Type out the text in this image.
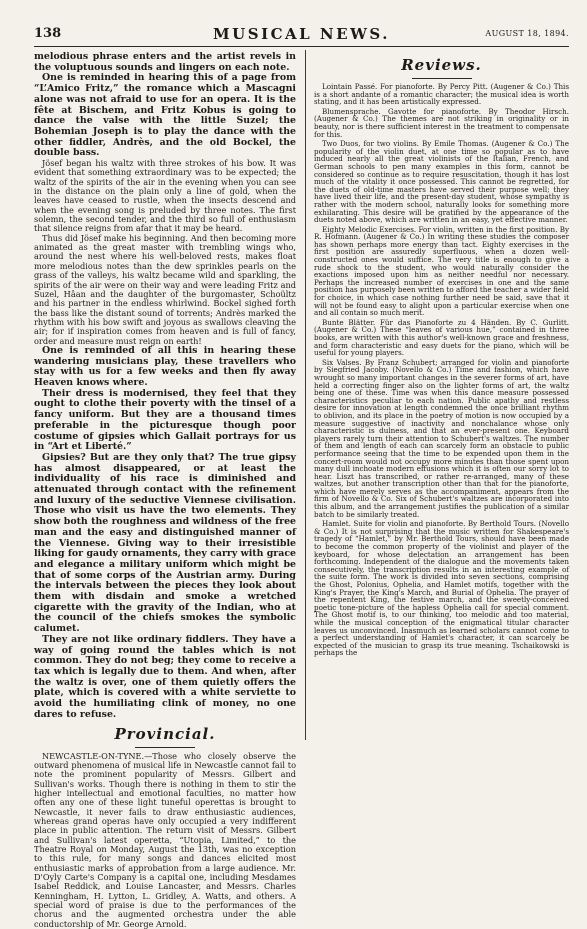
138	MUSICAL NEWS.	AUGUST 18, 1894.

melodious phrase enters and the artist revels in the voluptuous sounds and lingers on each note.

One is reminded in hearing this of a page from “L’Amico Fritz,” the romance which a Mascagni alone was not afraid to use for an opera. It is the fête at Bischem, and Fritz Kobus is going to dance the valse with the little Suzel; the Bohemian Joseph is to play the dance with the other fiddler, Andrès, and the old Bockel, the double bass.

Jösef began his waltz with three strokes of his bow. It was evident that something extraordinary was to be expected; the waltz of the spirits of the air in the evening when you can see in the distance on the plain only a line of gold, when the leaves have ceased to rustle, when the insects descend and when the evening song is preluded by three notes. The first solemn, the second tender, and the third so full of enthusiasm that silence reigns from afar that it may be heard.

Thus did Jösef make his beginning. And then becoming more animated as the great master with trembling wings who, around the nest where his well-beloved rests, makes float more melodious notes than the dew sprinkles pearls on the grass of the valleys, his waltz became wild and sparkling, the spirits of the air were on their way and were leading Fritz and Suzel, Hâan and the daughter of the burgomaster, Schoültz and his partner in the endless whirlwind. Bockel sighed forth the bass like the distant sound of torrents; Andrès marked the rhythm with his bow swift and joyous as swallows cleaving the air; for if inspiration comes from heaven and is full of fancy, order and measure must reign on earth!

One is reminded of all this in hearing these wandering musicians play, these travellers who stay with us for a few weeks and then fly away Heaven knows where.

Their dress is modernised, they feel that they ought to clothe their poverty with the tinsel of a fancy uniform. But they are a thousand times preferable in the picturesque though poor costume of gipsies which Gallait portrays for us in “Art et Liberté.”

Gipsies? But are they only that? The true gipsy has almost disappeared, or at least the individuality of his race is diminished and attenuated through contact with the refinement and luxury of the seductive Viennese civilisation. Those who visit us have the two elements. They show both the roughness and wildness of the free man and the easy and distinguished manner of the Viennese. Giving way to their irresistible liking for gaudy ornaments, they carry with grace and elegance a military uniform which might be that of some corps of the Austrian army. During the intervals between the pieces they look about them with disdain and smoke a wretched cigarette with the gravity of the Indian, who at the council of the chiefs smokes the symbolic calumet.

They are not like ordinary fiddlers. They have a way of going round the tables which is not common. They do not beg; they come to receive a tax which is legally due to them. And when, after the waltz is over, one of them quietly offers the plate, which is covered with a white serviette to avoid the humiliating clink of money, no one dares to refuse.

Provincial.

NEWCASTLE-ON-TYNE.—Those who closely observe the outward phenomena of musical life in Newcastle cannot fail to note the prominent popularity of Messrs. Gilbert and Sullivan's works. Though there is nothing in them to stir the higher intellectual and emotional faculties, no matter how often any one of these light tuneful operettas is brought to Newcastle, it never fails to draw enthusiastic audiences, whereas grand operas have only occupied a very indifferent place in public attention. The return visit of Messrs. Gilbert and Sullivan's latest operetta, “Utopia, Limited,” to the Theatre Royal on Monday, August the 13th, was no exception to this rule, for many songs and dances elicited most enthusiastic marks of approbation from a large audience. Mr. D'Oyly Carte's Company is a capital one, including Mesdames Isabel Reddick, and Louise Lancaster, and Messrs. Charles Kenningham, H. Lytton, L. Gridley, A. Watts, and others. A special word of praise is due to the performances of the chorus and the augmented orchestra under the able conductorship of Mr. George Arnold.

Reviews.

Lointain Passé. For pianoforte. By Percy Pitt. (Augener & Co.) This is a short andante of a romantic character; the musical idea is worth stating, and it has been artistically expressed.

Blumensprache. Gavotte for pianoforte. By Theodor Hirsch. (Augener & Co.) The themes are not striking in originality or in beauty, nor is there sufficient interest in the treatment to compensate for this.

Two Duos, for two violins. By Emile Thomas. (Augener & Co.) The popularity of the violin duet, at one time so popular as to have induced nearly all the great violinists of the Italian, French, and German schools to pen many examples in this form, cannot be considered so continue as to require resuscitation, though it has lost much of the vitality it once possessed. This cannot be regretted, for the duets of old-time masters have served their purpose well; they have lived their life, and the present-day student, whose sympathy is rather with the modern school, naturally looks for something more exhilarating. This desire will be gratified by the appearance of the duets noted above, which are written in an easy, yet effective manner.

Eighty Melodic Exercises. For violin, written in the first position. By R. Hofmann. (Augener & Co.) In writing these studies the composer has shown perhaps more energy than tact. Eighty exercises in the first position are assuredly superfluous, when a dozen well-constructed ones would suffice. The very title is enough to give a rude shock to the student, who would naturally consider the exactions imposed upon him as neither needful nor necessary. Perhaps the increased number of exercises in one and the same position has purposely been written to afford the teacher a wider field for choice, in which case nothing further need be said, save that it will not be found easy to alight upon a particular exercise when one and all contain so much merit.

Bunte Blätter. Für das Pianoforte zu 4 Händen. By C. Gurlitt. (Augener & Co.) These “leaves of various hue,” contained in three books, are written with this author's well-known grace and freshness, and form characteristic and easy duets for the piano, which will be useful for young players.

Six Valses. By Franz Schubert; arranged for violin and pianoforte by Siegfried Jacoby. (Novello & Co.) Time and fashion, which have wrought so many important changes in the severer forms of art, have held a correcting finger also on the lighter forms of art, the waltz being one of these. Time was when this dance measure possessed characteristics peculiar to each nation. Public apathy and restless desire for innovation at length condemned the once brilliant rhythm to oblivion, and its place in the poetry of motion is now occupied by a measure suggestive of inactivity and nonchalance whose only characteristic is dulness, and that an ever-present one. Keyboard players rarely turn their attention to Schubert's waltzes. The number of them and length of each can scarcely form an obstacle to public performance seeing that the time to be expended upon them in the concert-room would not occupy more minutes than those spent upon many dull inchoate modern effusions which it is often our sorry lot to hear. Liszt has transcribed, or rather re-arranged, many of these waltzes, but another transcription other than that for the pianoforte, which have merely serves as the accompaniment, appears from the firm of Novello & Co. Six of Schubert's waltzes are incorporated into this album, and the arrangement justifies the publication of a similar batch to be similarly treated.

Hamlet. Suite for violin and pianoforte. By Berthold Tours. (Novello & Co.) It is not surprising that the music written for Shakespeare's tragedy of “Hamlet,” by Mr. Berthold Tours, should have been made to become the common property of the violinist and player of the keyboard, for whose delectation an arrangement has been forthcoming. Independent of the dialogue and the movements taken consecutively, the transcription results in an interesting example of the suite form. The work is divided into seven sections, comprising the Ghost, Polonius, Ophelia, and Hamlet motifs, together with the King's Prayer, the King's March, and Burial of Ophelia. The prayer of the repentent King, the festive march, and the sweetly-conceived poetic tone-picture of the hapless Ophelia call for special comment. The Ghost motif is, to our thinking, too melodic and too material, while the musical conception of the enigmatical titular character leaves us unconvinced. Inasmuch as learned scholars cannot come to a perfect understanding of Hamlet's character, it can scarcely be expected of the musician to grasp its true meaning. Tschaikowski is perhaps the
